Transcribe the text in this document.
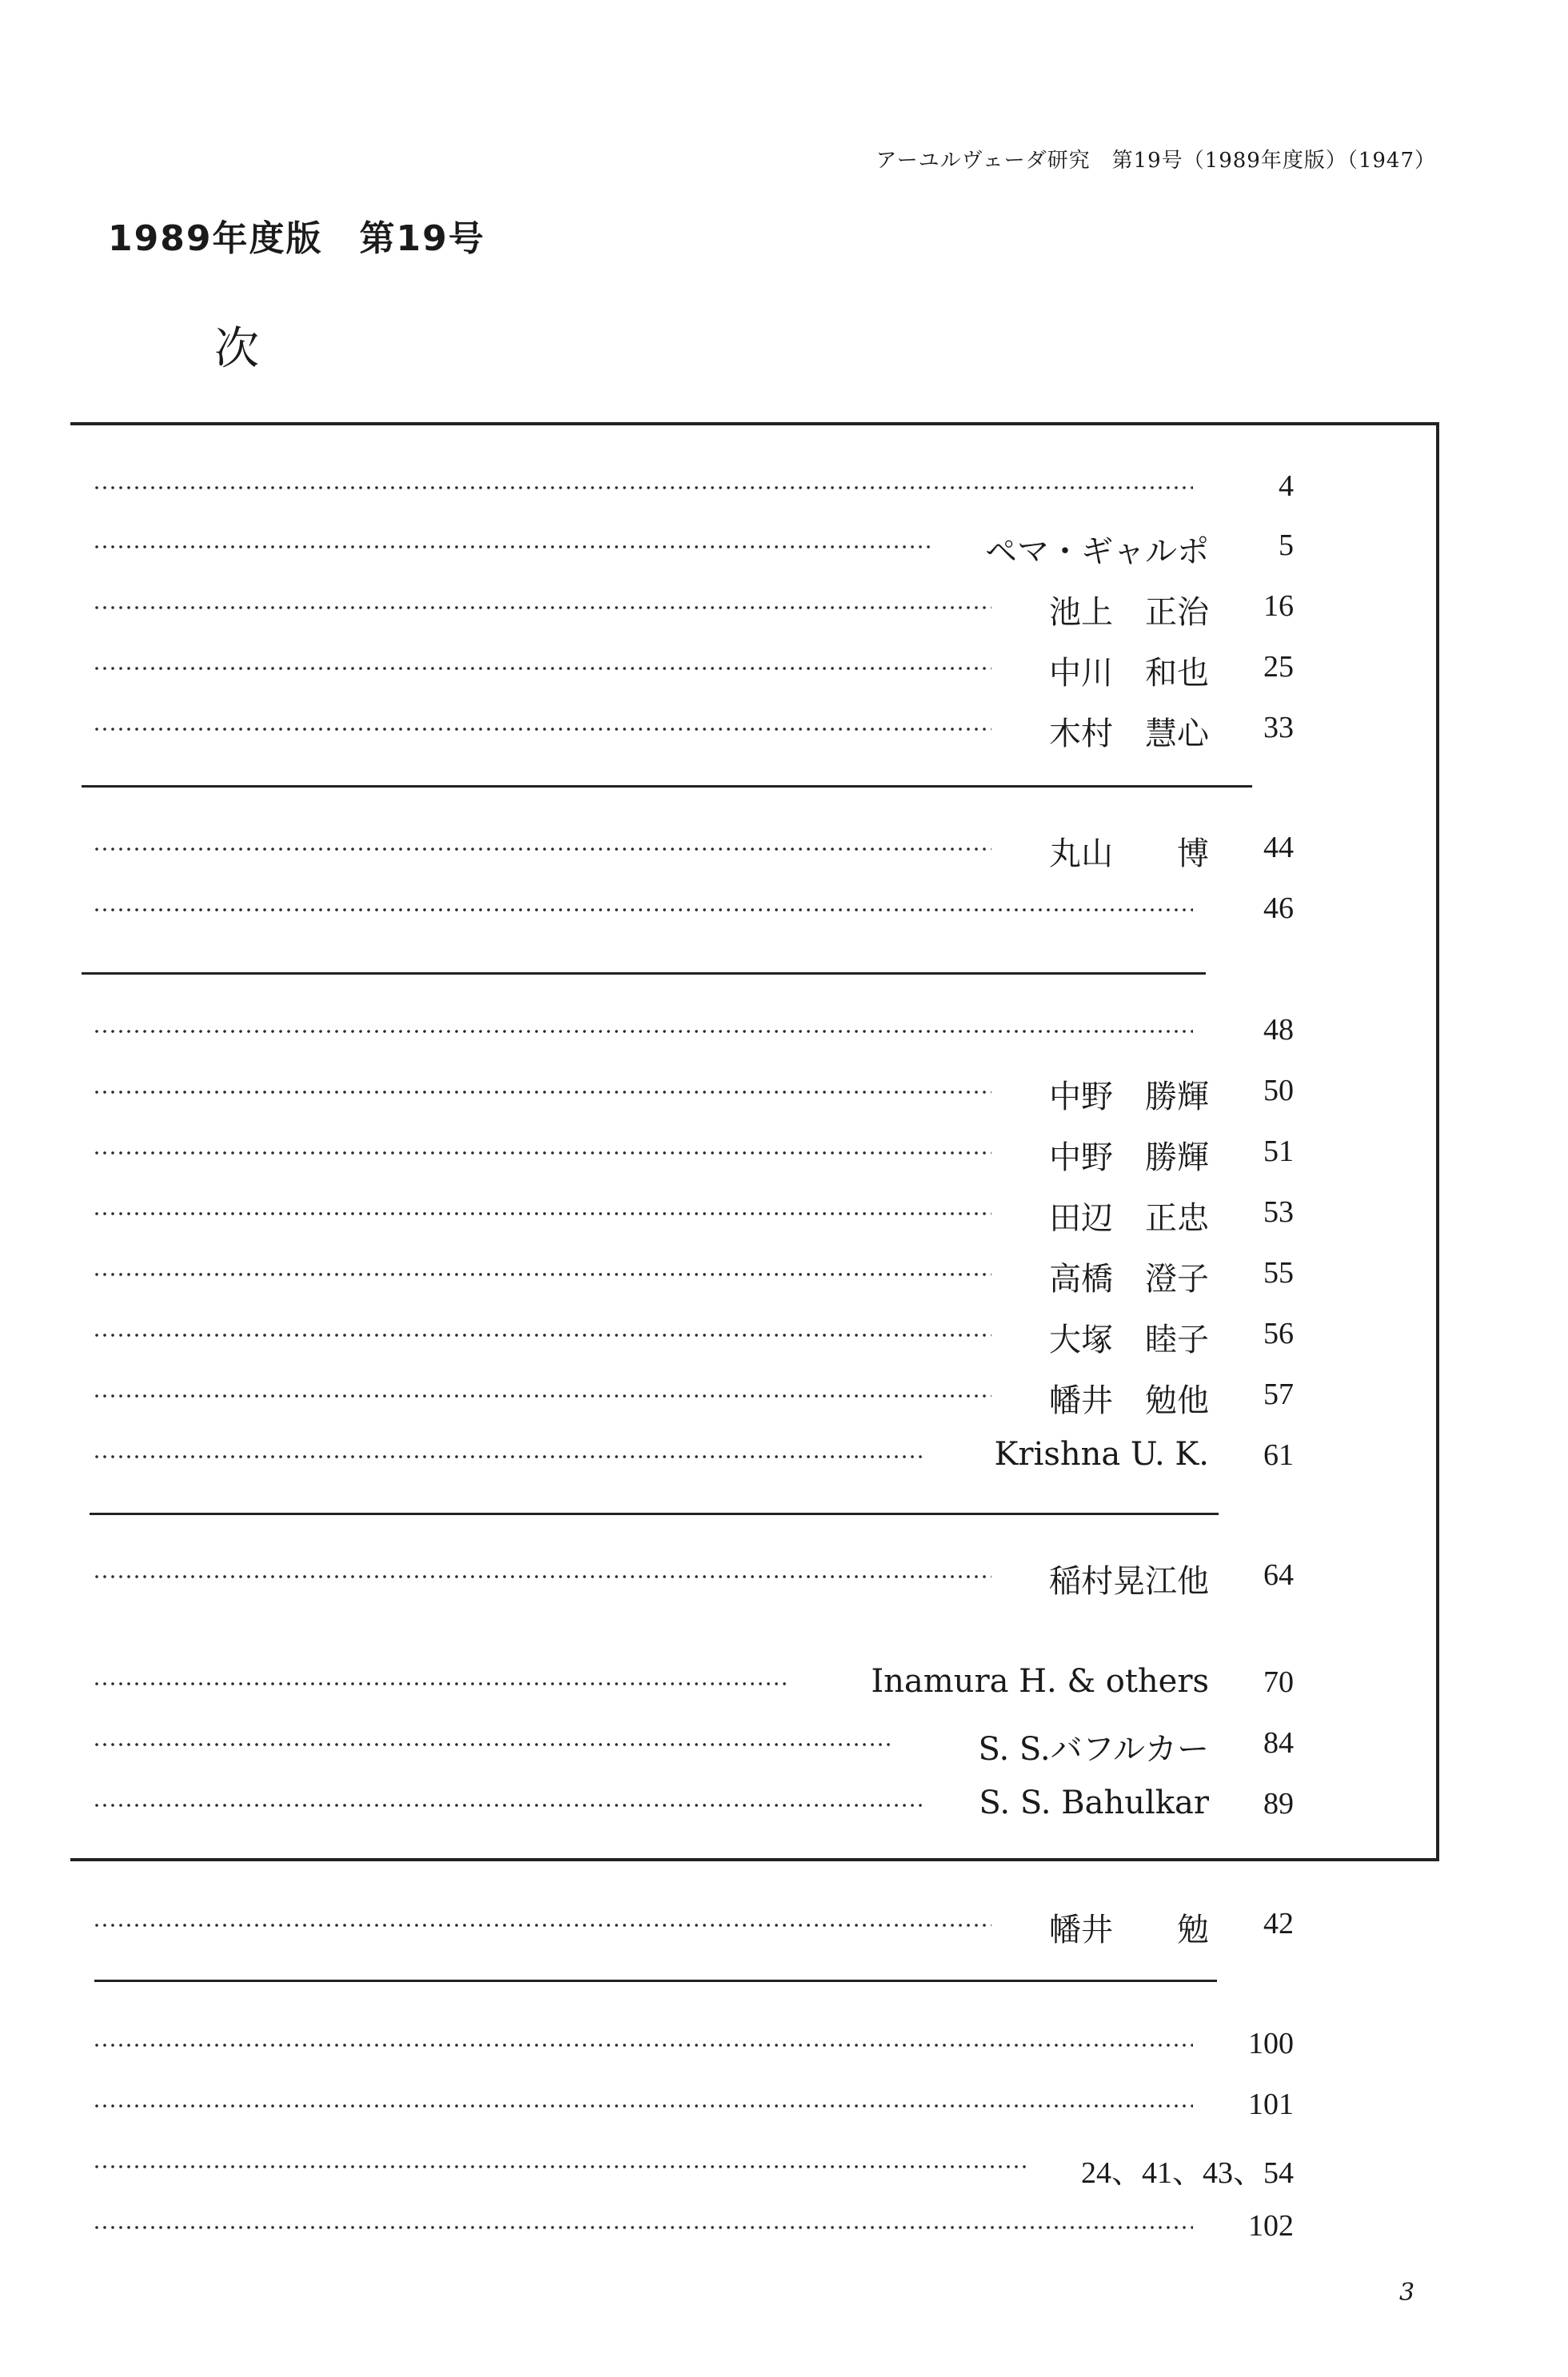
アーユルヴェーダ研究　第19号（1989年度版）（1947）
1989年度版　第19号
次
4
ペマ・ギャルポ 5
池上　正治 16
中川　和也 25
木村　慧心 33
丸山　　博 44
46
48
中野　勝輝 50
中野　勝輝 51
田辺　正忠 53
高橋　澄子 55
大塚　睦子 56
幡井　勉他 57
Krishna U. K. 61
稲村晃江他 64
Inamura H. & others 70
S. S.バフルカー 84
S. S. Bahulkar 89
幡井　　勉 42
100
101
24、41、43、54
102
3
